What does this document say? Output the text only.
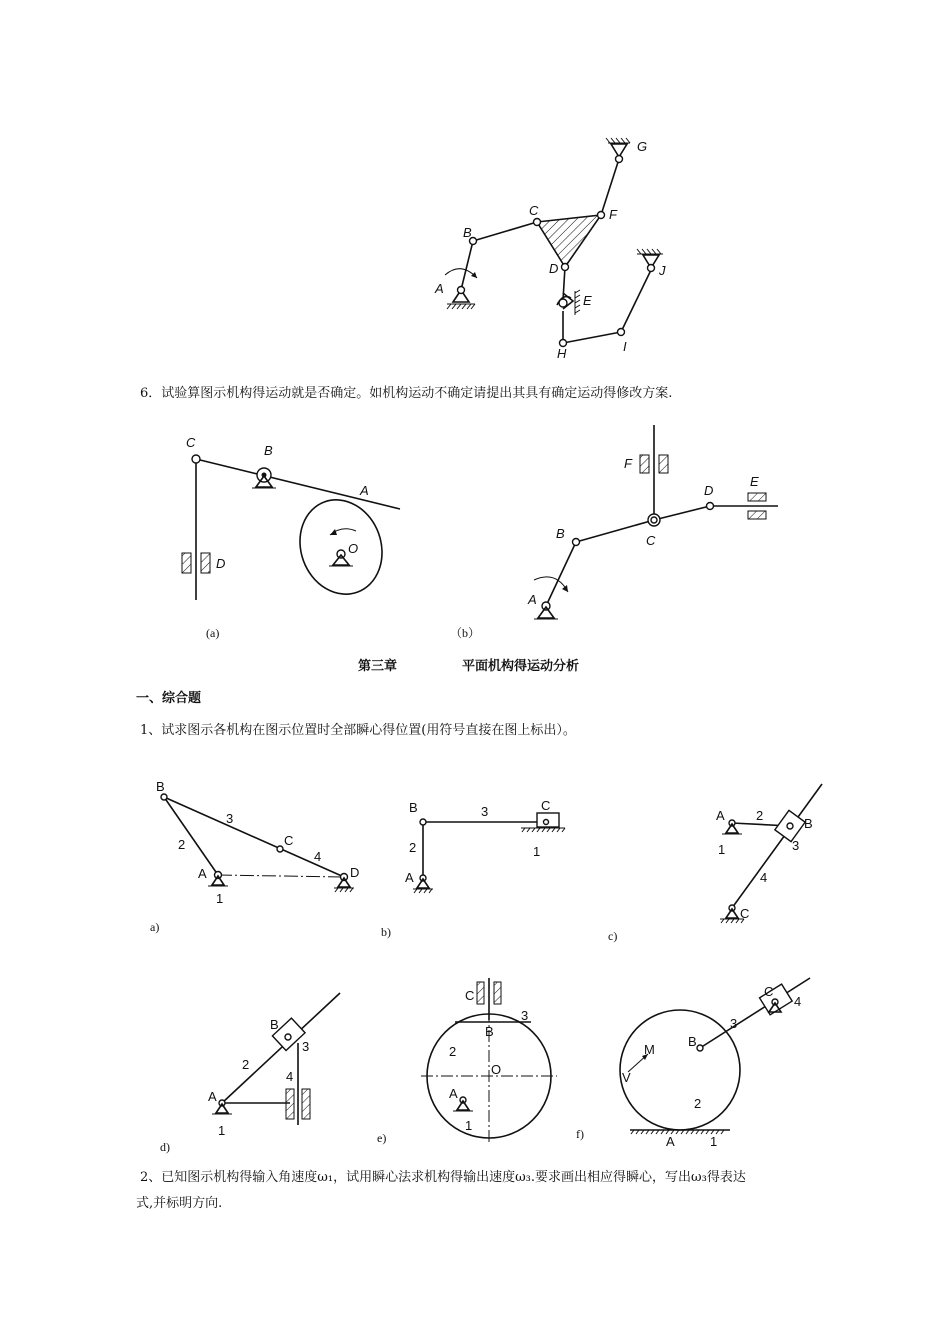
G
C	F
B
D
A
E
J
H	I
6．试验算图示机构得运动就是否确定。如机构运动不确定请提出其具有确定运动得修改方案.
C
B
A
O
D
(a)
F
E
D
B	C
A
（b）
第三章	平面机构得运动分析
一、综合题
1、试求图示各机构在图示位置时全部瞬心得位置(用符号直接在图上标出）。
B
3
2	C
4
A	D
1
a)
B	3	C
2
A
1
b)
A 2
B
1	3
4
C
c)
B
3
2
4
A
1
d)
C
B
3
2
O
A
1
e)
C
4
3
B
M
V
2
A	1
f)
2、已知图示机构得输入角速度ω₁，试用瞬心法求机构得输出速度ω₃.要求画出相应得瞬心，写出ω₃得表达
式,并标明方向.
